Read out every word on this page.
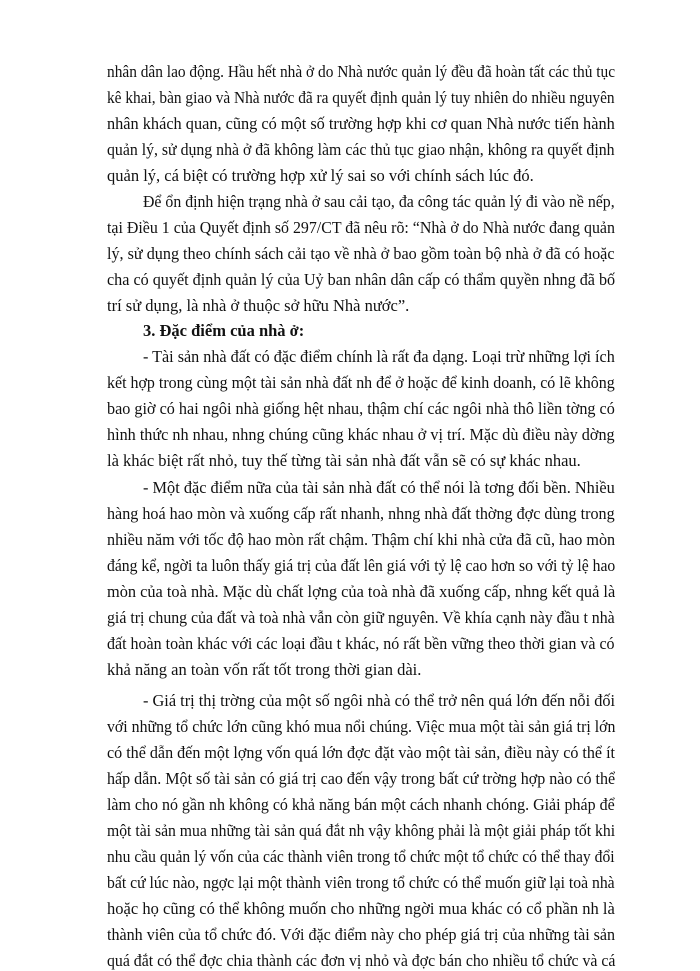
nhân dân lao động. Hầu hết nhà ở do Nhà nước quản lý đều đã hoàn tất các thủ tục
kê khai, bàn giao và Nhà nước đã ra quyết định quản lý tuy nhiên do nhiều nguyên
nhân khách quan, cũng có một số trường hợp khi cơ quan Nhà nước tiến hành
quản lý, sử dụng nhà ở đã không làm các thủ tục giao nhận, không ra quyết định
quản lý, cá biệt có trường hợp xử lý sai so với chính sách lúc đó.
Để ổn định hiện trạng nhà ở sau cải tạo, đa công tác quản lý đi vào nề nếp,
tại Điều 1 của Quyết định số 297/CT đã nêu rõ: “Nhà ở do Nhà nước đang quản
lý, sử dụng theo chính sách cải tạo về nhà ở bao gồm toàn bộ nhà ở đã có hoặc
cha có quyết định quản lý của Uỷ ban nhân dân cấp có thẩm quyền nhng đã bố
trí sử dụng, là nhà ở thuộc sở hữu Nhà nước”.
3. Đặc điểm của nhà ở:
- Tài sản nhà đất có đặc điểm chính là rất đa dạng. Loại trừ những lợi ích
kết hợp trong cùng một tài sản nhà đất nh để ở hoặc để kinh doanh, có lẽ không
bao giờ có hai ngôi nhà giống hệt nhau, thậm chí các ngôi nhà thô liền tờng có
hình thức nh nhau, nhng chúng cũng khác nhau ở vị trí. Mặc dù điều này dờng
là khác biệt rất nhỏ, tuy thế từng tài sản nhà đất vẫn sẽ có sự khác nhau.
- Một đặc điểm nữa của tài sản nhà đất có thể nói là tơng đối bền. Nhiều
hàng hoá hao mòn và xuống cấp rất nhanh, nhng nhà đất thờng đợc dùng trong
nhiều năm với tốc độ hao mòn rất chậm. Thậm chí khi nhà cửa đã cũ, hao mòn
đáng kể, ngời ta luôn thấy giá trị của đất lên giá với tỷ lệ cao hơn so với tỷ lệ hao
mòn của toà nhà. Mặc dù chất lợng của toà nhà đã xuống cấp, nhng kết quả là
giá trị chung của đất và toà nhà vẫn còn giữ nguyên. Về khía cạnh này đầu t nhà
đất hoàn toàn khác với các loại đầu t khác, nó rất bền vững theo thời gian và có
khả năng an toàn vốn rất tốt trong thời gian dài.
- Giá trị thị trờng của một số ngôi nhà có thể trở nên quá lớn đến nỗi đối
với những tổ chức lớn cũng khó mua nổi chúng. Việc mua một tài sản giá trị lớn
có thể dẫn đến một lợng vốn quá lớn đợc đặt vào một tài sản, điều này có thể ít
hấp dẫn. Một số tài sản có giá trị cao đến vậy trong bất cứ trờng hợp nào có thể
làm cho nó gần nh không có khả năng bán một cách nhanh chóng. Giải pháp để
một tài sản mua những tài sản quá đắt nh vậy không phải là một giải pháp tốt khi
nhu cầu quản lý vốn của các thành viên trong tổ chức một tổ chức có thể thay đổi
bất cứ lúc nào, ngợc lại một thành viên trong tổ chức có thể muốn giữ lại toà nhà
hoặc họ cũng có thể không muốn cho những ngời mua khác có cổ phần nh là
thành viên của tổ chức đó. Với đặc điểm này cho phép giá trị của những tài sản
quá đắt có thể đợc chia thành các đơn vị nhỏ và đợc bán cho nhiều tổ chức và cá
